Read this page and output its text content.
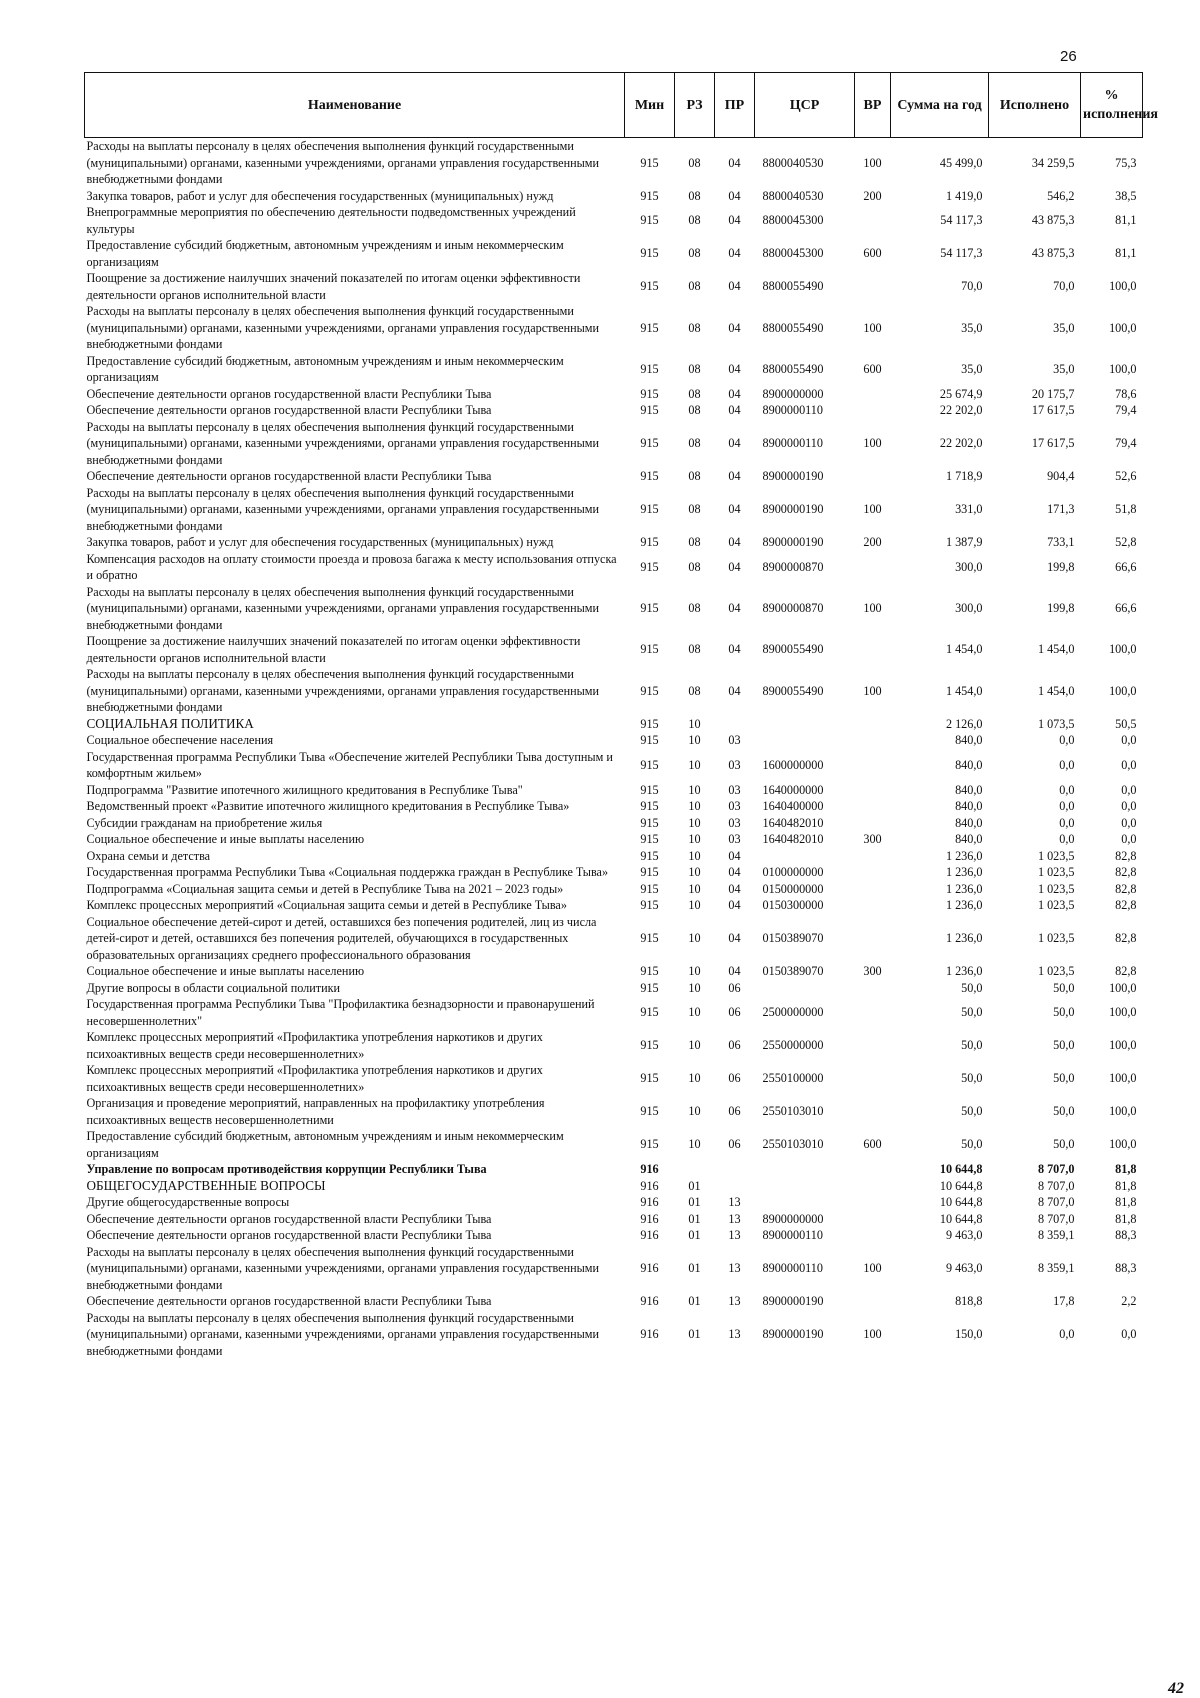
26
Наименование	Мин	РЗ	ПР	ЦСР	ВР	Сумма на год	Исполнено	% исполнения
Расходы на выплаты персоналу в целях обеспечения выполнения функций государственными (муниципальными) органами, казенными учреждениями, органами управления государственными внебюджетными фондами	915	08	04	8800040530	100	45 499,0	34 259,5	75,3
Закупка товаров, работ и услуг для обеспечения государственных (муниципальных) нужд	915	08	04	8800040530	200	1 419,0	546,2	38,5
Внепрограммные мероприятия по обеспечению деятельности подведомственных учреждений культуры	915	08	04	8800045300		54 117,3	43 875,3	81,1
Предоставление субсидий бюджетным, автономным учреждениям и иным некоммерческим организациям	915	08	04	8800045300	600	54 117,3	43 875,3	81,1
Поощрение за достижение наилучших значений показателей по итогам оценки эффективности деятельности органов исполнительной власти	915	08	04	8800055490		70,0	70,0	100,0
Расходы на выплаты персоналу в целях обеспечения выполнения функций государственными (муниципальными) органами, казенными учреждениями, органами управления государственными внебюджетными фондами	915	08	04	8800055490	100	35,0	35,0	100,0
Предоставление субсидий бюджетным, автономным учреждениям и иным некоммерческим организациям	915	08	04	8800055490	600	35,0	35,0	100,0
Обеспечение деятельности органов государственной власти Республики Тыва	915	08	04	8900000000		25 674,9	20 175,7	78,6
Обеспечение деятельности органов государственной власти Республики Тыва	915	08	04	8900000110		22 202,0	17 617,5	79,4
Расходы на выплаты персоналу в целях обеспечения выполнения функций государственными (муниципальными) органами, казенными учреждениями, органами управления государственными внебюджетными фондами	915	08	04	8900000110	100	22 202,0	17 617,5	79,4
Обеспечение деятельности органов государственной власти Республики Тыва	915	08	04	8900000190		1 718,9	904,4	52,6
Расходы на выплаты персоналу в целях обеспечения выполнения функций государственными (муниципальными) органами, казенными учреждениями, органами управления государственными внебюджетными фондами	915	08	04	8900000190	100	331,0	171,3	51,8
Закупка товаров, работ и услуг для обеспечения государственных (муниципальных) нужд	915	08	04	8900000190	200	1 387,9	733,1	52,8
Компенсация расходов на оплату стоимости проезда и провоза багажа к месту использования отпуска и обратно	915	08	04	8900000870		300,0	199,8	66,6
Расходы на выплаты персоналу в целях обеспечения выполнения функций государственными (муниципальными) органами, казенными учреждениями, органами управления государственными внебюджетными фондами	915	08	04	8900000870	100	300,0	199,8	66,6
Поощрение за достижение наилучших значений показателей по итогам оценки эффективности деятельности органов исполнительной власти	915	08	04	8900055490		1 454,0	1 454,0	100,0
Расходы на выплаты персоналу в целях обеспечения выполнения функций государственными (муниципальными) органами, казенными учреждениями, органами управления государственными внебюджетными фондами	915	08	04	8900055490	100	1 454,0	1 454,0	100,0
СОЦИАЛЬНАЯ ПОЛИТИКА	915	10				2 126,0	1 073,5	50,5
Социальное обеспечение населения	915	10	03			840,0	0,0	0,0
Государственная программа Республики Тыва «Обеспечение жителей Республики Тыва доступным и комфортным жильем»	915	10	03	1600000000		840,0	0,0	0,0
Подпрограмма "Развитие ипотечного жилищного кредитования в Республике Тыва"	915	10	03	1640000000		840,0	0,0	0,0
Ведомственный проект «Развитие ипотечного жилищного кредитования в Республике Тыва»	915	10	03	1640400000		840,0	0,0	0,0
Субсидии гражданам на приобретение жилья	915	10	03	1640482010		840,0	0,0	0,0
Социальное обеспечение и иные выплаты населению	915	10	03	1640482010	300	840,0	0,0	0,0
Охрана семьи и детства	915	10	04			1 236,0	1 023,5	82,8
Государственная программа Республики Тыва «Социальная поддержка граждан в Республике Тыва»	915	10	04	0100000000		1 236,0	1 023,5	82,8
Подпрограмма «Социальная защита семьи и детей в Республике Тыва на 2021 – 2023 годы»	915	10	04	0150000000		1 236,0	1 023,5	82,8
Комплекс процессных мероприятий «Социальная защита семьи и детей в Республике Тыва»	915	10	04	0150300000		1 236,0	1 023,5	82,8
Социальное обеспечение детей-сирот и детей, оставшихся без попечения родителей, лиц из числа детей-сирот и детей, оставшихся без попечения родителей, обучающихся в государственных образовательных организациях среднего профессионального образования	915	10	04	0150389070		1 236,0	1 023,5	82,8
Социальное обеспечение и иные выплаты населению	915	10	04	0150389070	300	1 236,0	1 023,5	82,8
Другие вопросы в области социальной политики	915	10	06			50,0	50,0	100,0
Государственная программа Республики Тыва "Профилактика безнадзорности и правонарушений несовершеннолетних"	915	10	06	2500000000		50,0	50,0	100,0
Комплекс процессных мероприятий «Профилактика употребления наркотиков и других психоактивных веществ среди несовершеннолетних»	915	10	06	2550000000		50,0	50,0	100,0
Комплекс процессных мероприятий «Профилактика употребления наркотиков и других психоактивных веществ среди несовершеннолетних»	915	10	06	2550100000		50,0	50,0	100,0
Организация и проведение мероприятий, направленных на профилактику употребления психоактивных веществ несовершеннолетними	915	10	06	2550103010		50,0	50,0	100,0
Предоставление субсидий бюджетным, автономным учреждениям и иным некоммерческим организациям	915	10	06	2550103010	600	50,0	50,0	100,0
Управление по вопросам противодействия коррупции Республики Тыва	916					10 644,8	8 707,0	81,8
ОБЩЕГОСУДАРСТВЕННЫЕ ВОПРОСЫ	916	01				10 644,8	8 707,0	81,8
Другие общегосударственные вопросы	916	01	13			10 644,8	8 707,0	81,8
Обеспечение деятельности органов государственной власти Республики Тыва	916	01	13	8900000000		10 644,8	8 707,0	81,8
Обеспечение деятельности органов государственной власти Республики Тыва	916	01	13	8900000110		9 463,0	8 359,1	88,3
Расходы на выплаты персоналу в целях обеспечения выполнения функций государственными (муниципальными) органами, казенными учреждениями, органами управления государственными внебюджетными фондами	916	01	13	8900000110	100	9 463,0	8 359,1	88,3
Обеспечение деятельности органов государственной власти Республики Тыва	916	01	13	8900000190		818,8	17,8	2,2
Расходы на выплаты персоналу в целях обеспечения выполнения функций государственными (муниципальными) органами, казенными учреждениями, органами управления государственными внебюджетными фондами	916	01	13	8900000190	100	150,0	0,0	0,0
42
